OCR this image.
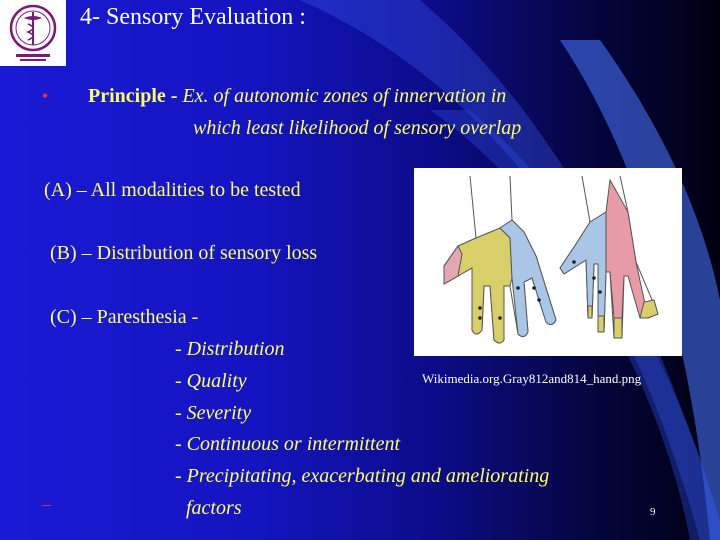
4- Sensory Evaluation :
• Principle - Ex. of autonomic zones of innervation in
which least likelihood of sensory overlap
(A) – All modalities to be tested
(B) – Distribution of sensory loss
(C) – Paresthesia -
- Distribution
- Quality
- Severity
- Continuous or intermittent
- Precipitating, exacerbating and ameliorating
–	factors
Wikimedia.org.Gray812and814_hand.png
9
